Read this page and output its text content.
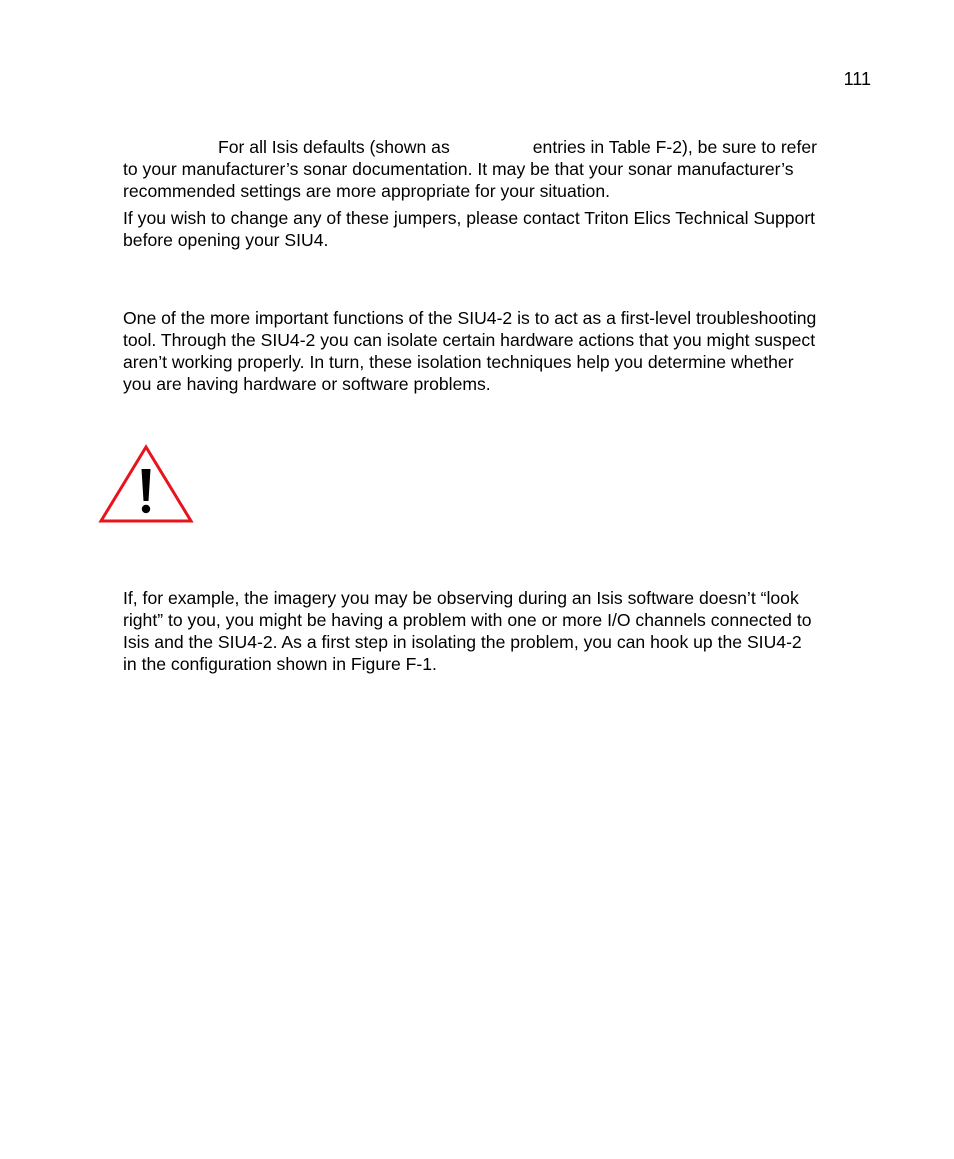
111
For all Isis defaults (shown as	entries in Table F-2), be sure to refer
to your manufacturer’s sonar documentation. It may be that your sonar manufacturer’s
recommended settings are more appropriate for your situation.
If you wish to change any of these jumpers, please contact Triton Elics Technical Support
before opening your SIU4.
One of the more important functions of the SIU4-2 is to act as a first-level troubleshooting
tool. Through the SIU4-2 you can isolate certain hardware actions that you might suspect
aren’t working properly. In turn, these isolation techniques help you determine whether
you are having hardware or software problems.
If, for example, the imagery you may be observing during an Isis software doesn’t “look
right” to you, you might be having a problem with one or more I/O channels connected to
Isis and the SIU4-2. As a first step in isolating the problem, you can hook up the SIU4-2
in the configuration shown in Figure F-1.
